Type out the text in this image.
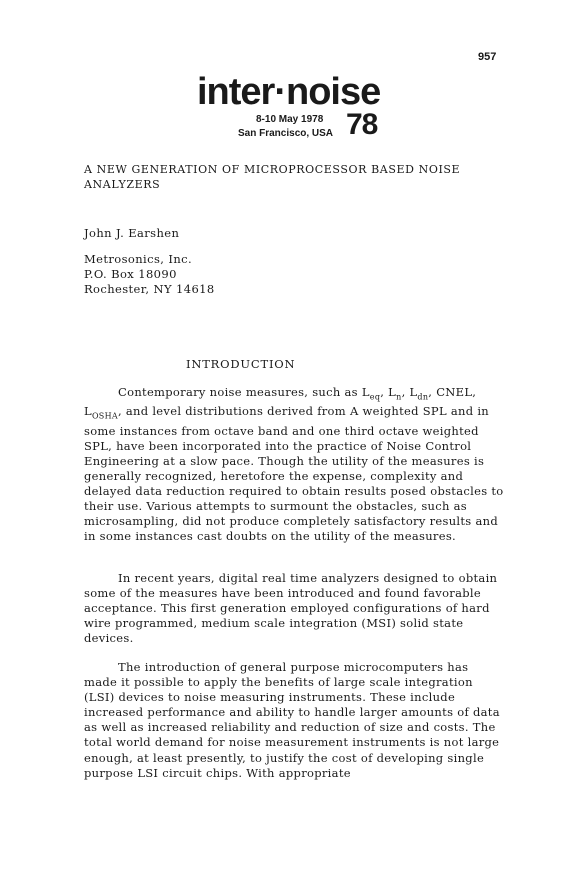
957
inter·noise
8-10 May 1978
San Francisco, USA 78
A NEW GENERATION OF MICROPROCESSOR BASED NOISE ANALYZERS
John J. Earshen
Metrosonics, Inc.
P.O. Box 18090
Rochester, NY 14618
INTRODUCTION

Contemporary noise measures, such as $L_{eq}$, $L_n$, $L_{dn}$, CNEL, $L_{OSHA}$, and level distributions derived from A weighted SPL and in some instances from octave band and one third octave weighted SPL, have been incorporated into the practice of Noise Control Engineering at a slow pace. Though the utility of the measures is generally recognized, heretofore the expense, complexity and delayed data reduction required to obtain results posed obstacles to their use. Various attempts to surmount the obstacles, such as microsampling, did not produce completely satisfactory results and in some instances cast doubts on the utility of the measures.

In recent years, digital real time analyzers designed to obtain some of the measures have been introduced and found favorable acceptance. This first generation employed configurations of hard wire programmed, medium scale integration (MSI) solid state devices.

The introduction of general purpose microcomputers has made it possible to apply the benefits of large scale integration (LSI) devices to noise measuring instruments. These include increased performance and ability to handle larger amounts of data as well as increased reliability and reduction of size and costs. The total world demand for noise measurement instruments is not large enough, at least presently, to justify the cost of developing single purpose LSI circuit chips. With appropriate
